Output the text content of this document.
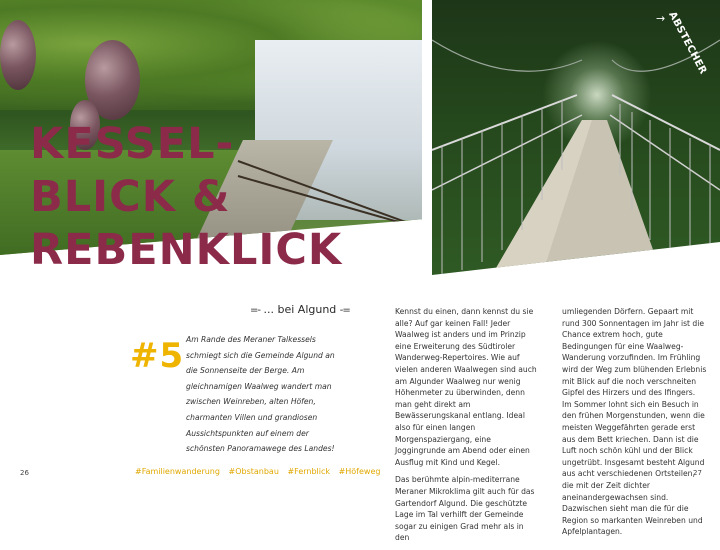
→ ABSTECHER
KESSEL-
BLICK &
REBENKLICK
=- ... bei Algund -=
#5 Am Rande des Meraner Talkessels schmiegt sich die Gemeinde Algund an die Sonnenseite der Berge. Am gleichnamigen Waalweg wandert man zwischen Weinreben, alten Höfen, charmanten Villen und grandiosen Aussichtspunkten auf einem der schönsten Panoramawege des Landes!

Kennst du einen, dann kennst du sie alle? Auf gar keinen Fall! Jeder Waalweg ist anders und im Prinzip eine Erweiterung des Südtiroler Wanderweg-Repertoires. Wie auf vielen anderen Waalwegen sind auch am Algunder Waalweg nur wenig Höhenmeter zu überwinden, denn man geht direkt am Bewässerungskanal entlang. Ideal also für einen langen Morgenspaziergang, eine Joggingrunde am Abend oder einen Ausflug mit Kind und Kegel.

Das berühmte alpin-mediterrane Meraner Mikroklima gilt auch für das Gartendorf Algund. Die geschützte Lage im Tal verhilft der Gemeinde sogar zu einigen Grad mehr als in den

umliegenden Dörfern. Gepaart mit rund 300 Sonnentagen im Jahr ist die Chance extrem hoch, gute Bedingungen für eine Waalweg-Wanderung vorzufinden. Im Frühling wird der Weg zum blühenden Erlebnis mit Blick auf die noch verschneiten Gipfel des Hirzers und des Ifingers. Im Sommer lohnt sich ein Besuch in den frühen Morgenstunden, wenn die meisten Weggefährten gerade erst aus dem Bett kriechen. Dann ist die Luft noch schön kühl und der Blick ungetrübt. Insgesamt besteht Algund aus acht verschiedenen Ortsteilen, die mit der Zeit dichter aneinandergewachsen sind. Dazwischen sieht man die für die Region so markanten Weinreben und Apfelplantagen.

26	#Familienwanderung #Obstanbau #Fernblick #Höfeweg	27
